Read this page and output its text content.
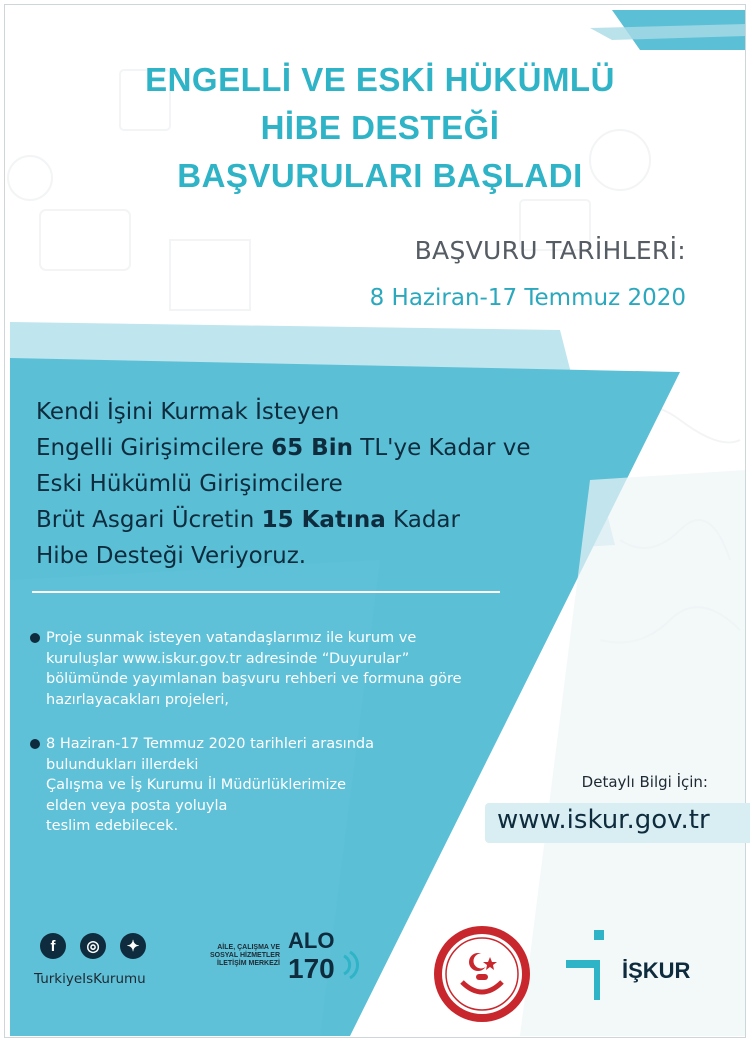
ENGELLİ VE ESKİ HÜKÜMLÜ
HİBE DESTEĞİ
BAŞVURULARI BAŞLADI
BAŞVURU TARİHLERİ:
8 Haziran-17 Temmuz 2020
Kendi İşini Kurmak İsteyen
Engelli Girişimcilere 65 Bin TL'ye Kadar ve
Eski Hükümlü Girişimcilere
Brüt Asgari Ücretin 15 Katına Kadar
Hibe Desteği Veriyoruz.
Proje sunmak isteyen vatandaşlarımız ile kurum ve
kuruluşlar www.iskur.gov.tr adresinde “Duyurular”
bölümünde yayımlanan başvuru rehberi ve formuna göre
hazırlayacakları projeleri,
8 Haziran-17 Temmuz 2020 tarihleri arasında
bulundukları illerdeki
Çalışma ve İş Kurumu İl Müdürlüklerimize
elden veya posta yoluyla
teslim edebilecek.
Detaylı Bilgi İçin:
www.iskur.gov.tr
f	◎	✦
TurkiyeIsKurumu
AİLE, ÇALIŞMA VE
SOSYAL HİZMETLER
İLETİŞİM MERKEZİ
ALO
170	İŞKUR
